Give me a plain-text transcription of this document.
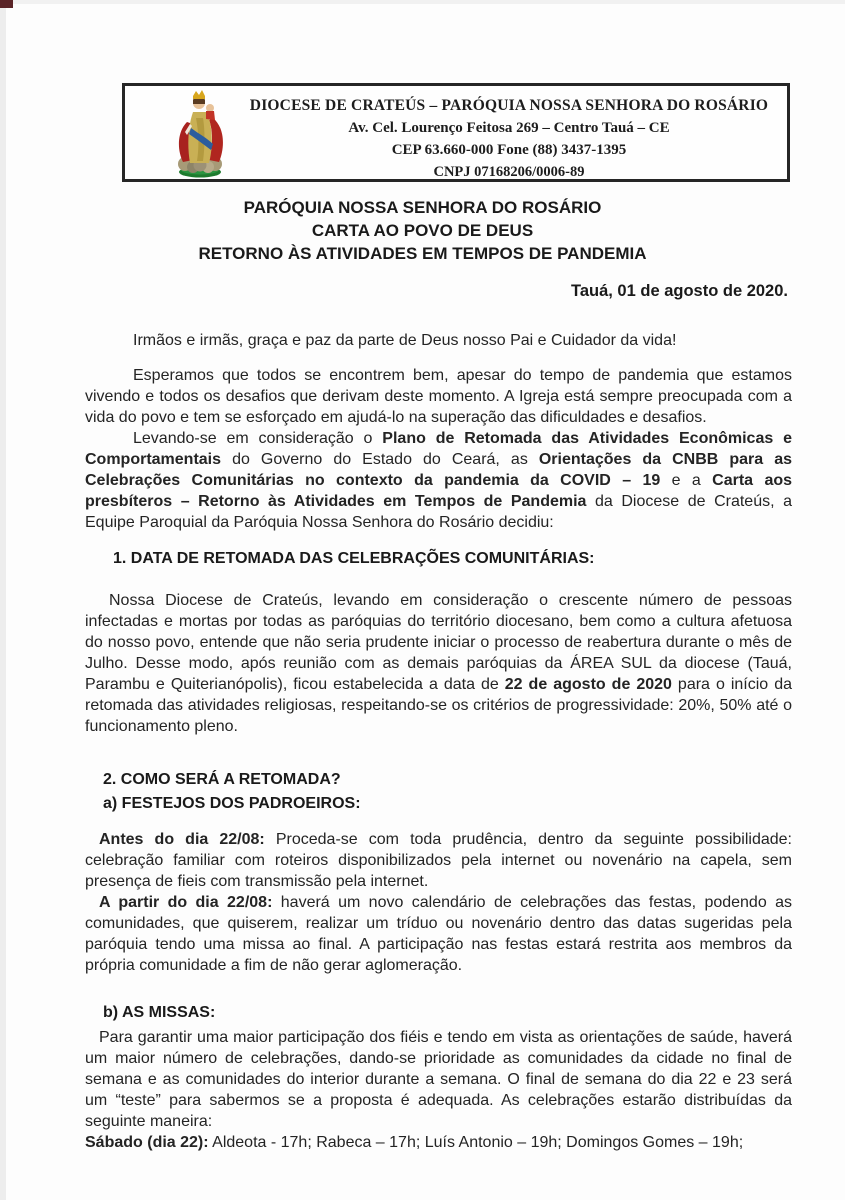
DIOCESE DE CRATEÚS – PARÓQUIA NOSSA SENHORA DO ROSÁRIO
Av. Cel. Lourenço Feitosa 269 – Centro Tauá – CE
CEP 63.660-000 Fone (88) 3437-1395
CNPJ 07168206/0006-89
PARÓQUIA NOSSA SENHORA DO ROSÁRIO
CARTA AO POVO DE DEUS
RETORNO ÀS ATIVIDADES EM TEMPOS DE PANDEMIA
Tauá, 01 de agosto de 2020.

Irmãos e irmãs, graça e paz da parte de Deus nosso Pai e Cuidador da vida!

Esperamos que todos se encontrem bem, apesar do tempo de pandemia que estamos vivendo e todos os desafios que derivam deste momento. A Igreja está sempre preocupada com a vida do povo e tem se esforçado em ajudá-lo na superação das dificuldades e desafios.

Levando-se em consideração o Plano de Retomada das Atividades Econômicas e Comportamentais do Governo do Estado do Ceará, as Orientações da CNBB para as Celebrações Comunitárias no contexto da pandemia da COVID – 19 e a Carta aos presbíteros – Retorno às Atividades em Tempos de Pandemia da Diocese de Crateús, a Equipe Paroquial da Paróquia Nossa Senhora do Rosário decidiu:

1. DATA DE RETOMADA DAS CELEBRAÇÕES COMUNITÁRIAS:

Nossa Diocese de Crateús, levando em consideração o crescente número de pessoas infectadas e mortas por todas as paróquias do território diocesano, bem como a cultura afetuosa do nosso povo, entende que não seria prudente iniciar o processo de reabertura durante o mês de Julho. Desse modo, após reunião com as demais paróquias da ÁREA SUL da diocese (Tauá, Parambu e Quiterianópolis), ficou estabelecida a data de 22 de agosto de 2020 para o início da retomada das atividades religiosas, respeitando-se os critérios de progressividade: 20%, 50% até o funcionamento pleno.

2. COMO SERÁ A RETOMADA?

a) FESTEJOS DOS PADROEIROS:

Antes do dia 22/08: Proceda-se com toda prudência, dentro da seguinte possibilidade: celebração familiar com roteiros disponibilizados pela internet ou novenário na capela, sem presença de fieis com transmissão pela internet.

A partir do dia 22/08: haverá um novo calendário de celebrações das festas, podendo as comunidades, que quiserem, realizar um tríduo ou novenário dentro das datas sugeridas pela paróquia tendo uma missa ao final. A participação nas festas estará restrita aos membros da própria comunidade a fim de não gerar aglomeração.

b) AS MISSAS:

Para garantir uma maior participação dos fiéis e tendo em vista as orientações de saúde, haverá um maior número de celebrações, dando-se prioridade as comunidades da cidade no final de semana e as comunidades do interior durante a semana. O final de semana do dia 22 e 23 será um “teste” para sabermos se a proposta é adequada. As celebrações estarão distribuídas da seguinte maneira:

Sábado (dia 22): Aldeota - 17h; Rabeca – 17h; Luís Antonio – 19h; Domingos Gomes – 19h;
